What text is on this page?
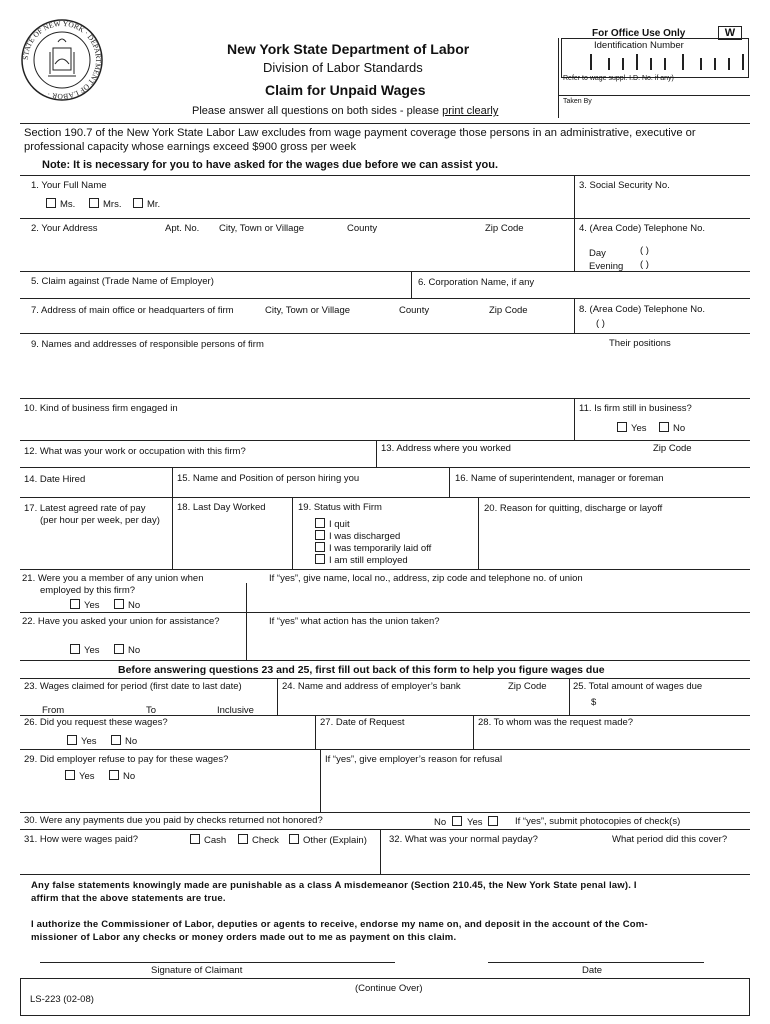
STATE OF NEW YORK · DEPARTMENT OF LABOR ·
New York State Department of Labor
Division of Labor Standards
Claim for Unpaid Wages
Please answer all questions on both sides - please print clearly
For Office Use Only	W
Identification Number
Refer to wage suppl. I.D. No. if any)
Taken By
Section 190.7 of the New York State Labor Law excludes from wage payment coverage those persons in an administrative, executive or
professional capacity whose earnings exceed $900 gross per week
Note: It is necessary for you to have asked for the wages due before we can assist you.
1. Your Full Name
Ms.	Mrs.	Mr.
3. Social Security No.
2. Your Address	Apt. No. City, Town or Village	County	Zip Code	4. (Area Code) Telephone No.
Day	( )
Evening ( )
5. Claim against (Trade Name of Employer)	6. Corporation Name, if any
7. Address of main office or headquarters of firm	City, Town or Village	County	Zip Code	8. (Area Code) Telephone No.
( )
9. Names and addresses of responsible persons of firm	Their positions
10. Kind of business firm engaged in	11. Is firm still in business?
Yes	No
12. What was your work or occupation with this firm?	13. Address where you worked	Zip Code
14. Date Hired	15. Name and Position of person hiring you	16. Name of superintendent, manager or foreman
17. Latest agreed rate of pay
(per hour per week, per day)
18. Last Day Worked	19. Status with Firm
I quit
I was discharged
I was temporarily laid off
I am still employed
20. Reason for quitting, discharge or layoff
21. Were you a member of any union when
employed by this firm?
Yes	No
If “yes”, give name, local no., address, zip code and telephone no. of union
22. Have you asked your union for assistance?	If “yes” what action has the union taken?
Yes	No
Before answering questions 23 and 25, first fill out back of this form to help you figure wages due
23. Wages claimed for period (first date to last date)
From	To	Inclusive
24. Name and address of employer’s bank	Zip Code	25. Total amount of wages due
$
26. Did you request these wages?
Yes	No
27. Date of Request	28. To whom was the request made?
29. Did employer refuse to pay for these wages?
Yes	No
If “yes”, give employer’s reason for refusal
30. Were any payments due you paid by checks returned not honored?	No	Yes	If “yes”, submit photocopies of check(s)
31. How were wages paid?	Cash	Check	Other (Explain) 32. What was your normal payday?	What period did this cover?
Any false statements knowingly made are punishable as a class A misdemeanor (Section 210.45, the New York State penal law). I
affirm that the above statements are true.
I authorize the Commissioner of Labor, deputies or agents to receive, endorse my name on, and deposit in the account of the Com-
missioner of Labor any checks or money orders made out to me as payment on this claim.
Signature of Claimant	Date
LS-223 (02-08)
(Continue Over)
